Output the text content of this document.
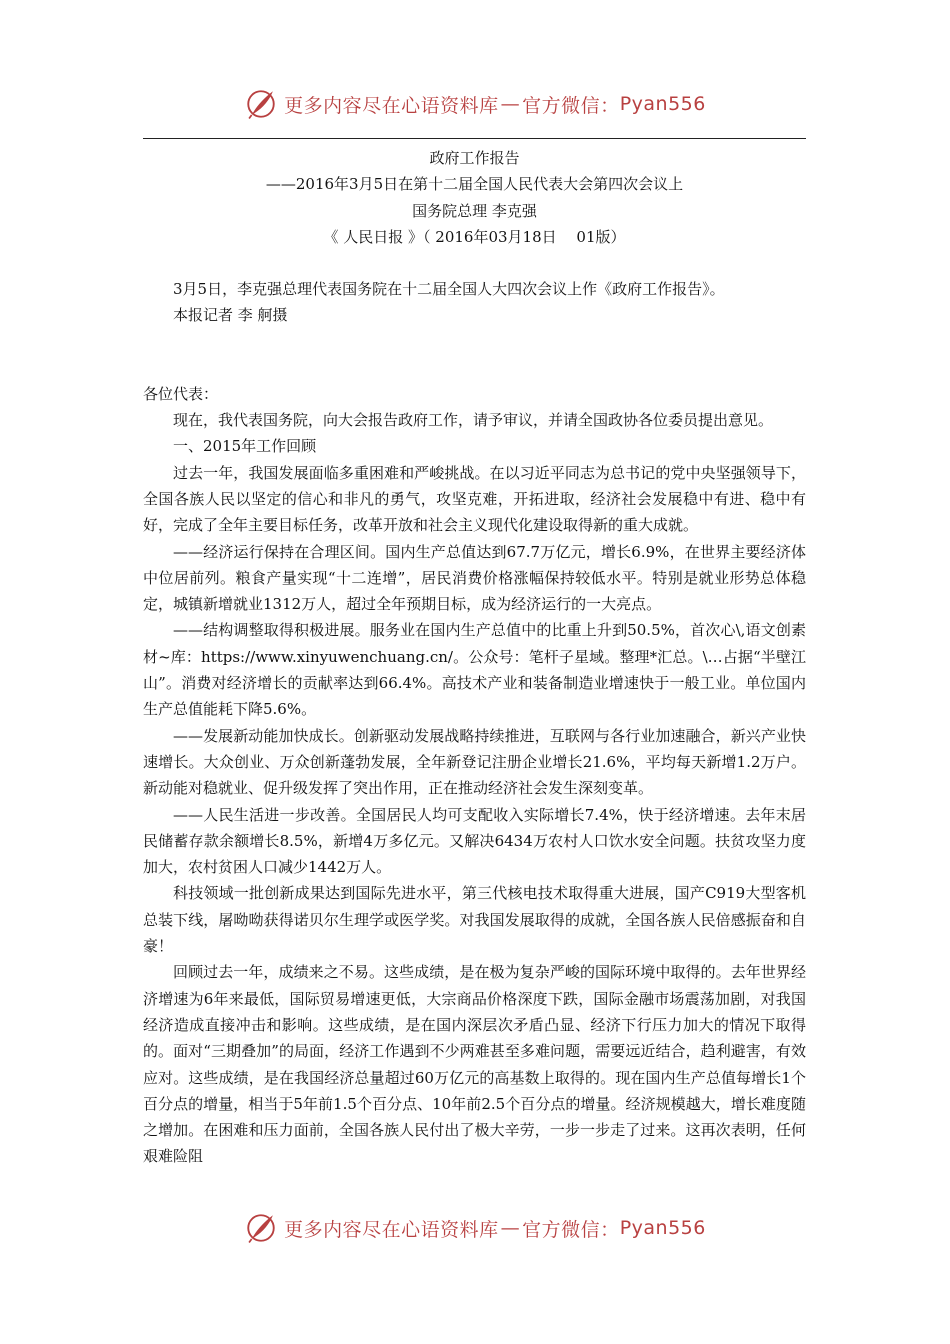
更多内容尽在心语资料库 — 官方微信： Pyan556

政府工作报告

——2016年3月5日在第十二届全国人民代表大会第四次会议上

国务院总理 李克强

《 人民日报 》（ 2016年03月18日　 01版）

3月5日，李克强总理代表国务院在十二届全国人大四次会议上作《政府工作报告》。

本报记者 李 舸摄

各位代表：

现在，我代表国务院，向大会报告政府工作，请予审议，并请全国政协各位委员提出意见。

一、2015年工作回顾

过去一年，我国发展面临多重困难和严峻挑战。在以习近平同志为总书记的党中央坚强领导下，全国各族人民以坚定的信心和非凡的勇气，攻坚克难，开拓进取，经济社会发展稳中有进、稳中有好，完成了全年主要目标任务，改革开放和社会主义现代化建设取得新的重大成就。

——经济运行保持在合理区间。国内生产总值达到67.7万亿元，增长6.9%，在世界主要经济体中位居前列。粮食产量实现“十二连增”，居民消费价格涨幅保持较低水平。特别是就业形势总体稳定，城镇新增就业1312万人，超过全年预期目标，成为经济运行的一大亮点。

——结构调整取得积极进展。服务业在国内生产总值中的比重上升到50.5%，首次心\,语文创素材~库：https://www.xinyuwenchuang.cn/。公众号：笔杆子星域。整理*汇总。\…占据“半壁江山”。消费对经济增长的贡献率达到66.4%。高技术产业和装备制造业增速快于一般工业。单位国内生产总值能耗下降5.6%。

——发展新动能加快成长。创新驱动发展战略持续推进，互联网与各行业加速融合，新兴产业快速增长。大众创业、万众创新蓬勃发展，全年新登记注册企业增长21.6%，平均每天新增1.2万户。新动能对稳就业、促升级发挥了突出作用，正在推动经济社会发生深刻变革。

——人民生活进一步改善。全国居民人均可支配收入实际增长7.4%，快于经济增速。去年末居民储蓄存款余额增长8.5%，新增4万多亿元。又解决6434万农村人口饮水安全问题。扶贫攻坚力度加大，农村贫困人口减少1442万人。

科技领域一批创新成果达到国际先进水平，第三代核电技术取得重大进展，国产C919大型客机总装下线，屠呦呦获得诺贝尔生理学或医学奖。对我国发展取得的成就，全国各族人民倍感振奋和自豪！

回顾过去一年，成绩来之不易。这些成绩，是在极为复杂严峻的国际环境中取得的。去年世界经济增速为6年来最低，国际贸易增速更低，大宗商品价格深度下跌，国际金融市场震荡加剧，对我国经济造成直接冲击和影响。这些成绩，是在国内深层次矛盾凸显、经济下行压力加大的情况下取得的。面对“三期叠加”的局面，经济工作遇到不少两难甚至多难问题，需要远近结合，趋利避害，有效应对。这些成绩，是在我国经济总量超过60万亿元的高基数上取得的。现在国内生产总值每增长1个百分点的增量，相当于5年前1.5个百分点、10年前2.5个百分点的增量。经济规模越大，增长难度随之增加。在困难和压力面前，全国各族人民付出了极大辛劳，一步一步走了过来。这再次表明，任何艰难险阻

更多内容尽在心语资料库 — 官方微信： Pyan556
